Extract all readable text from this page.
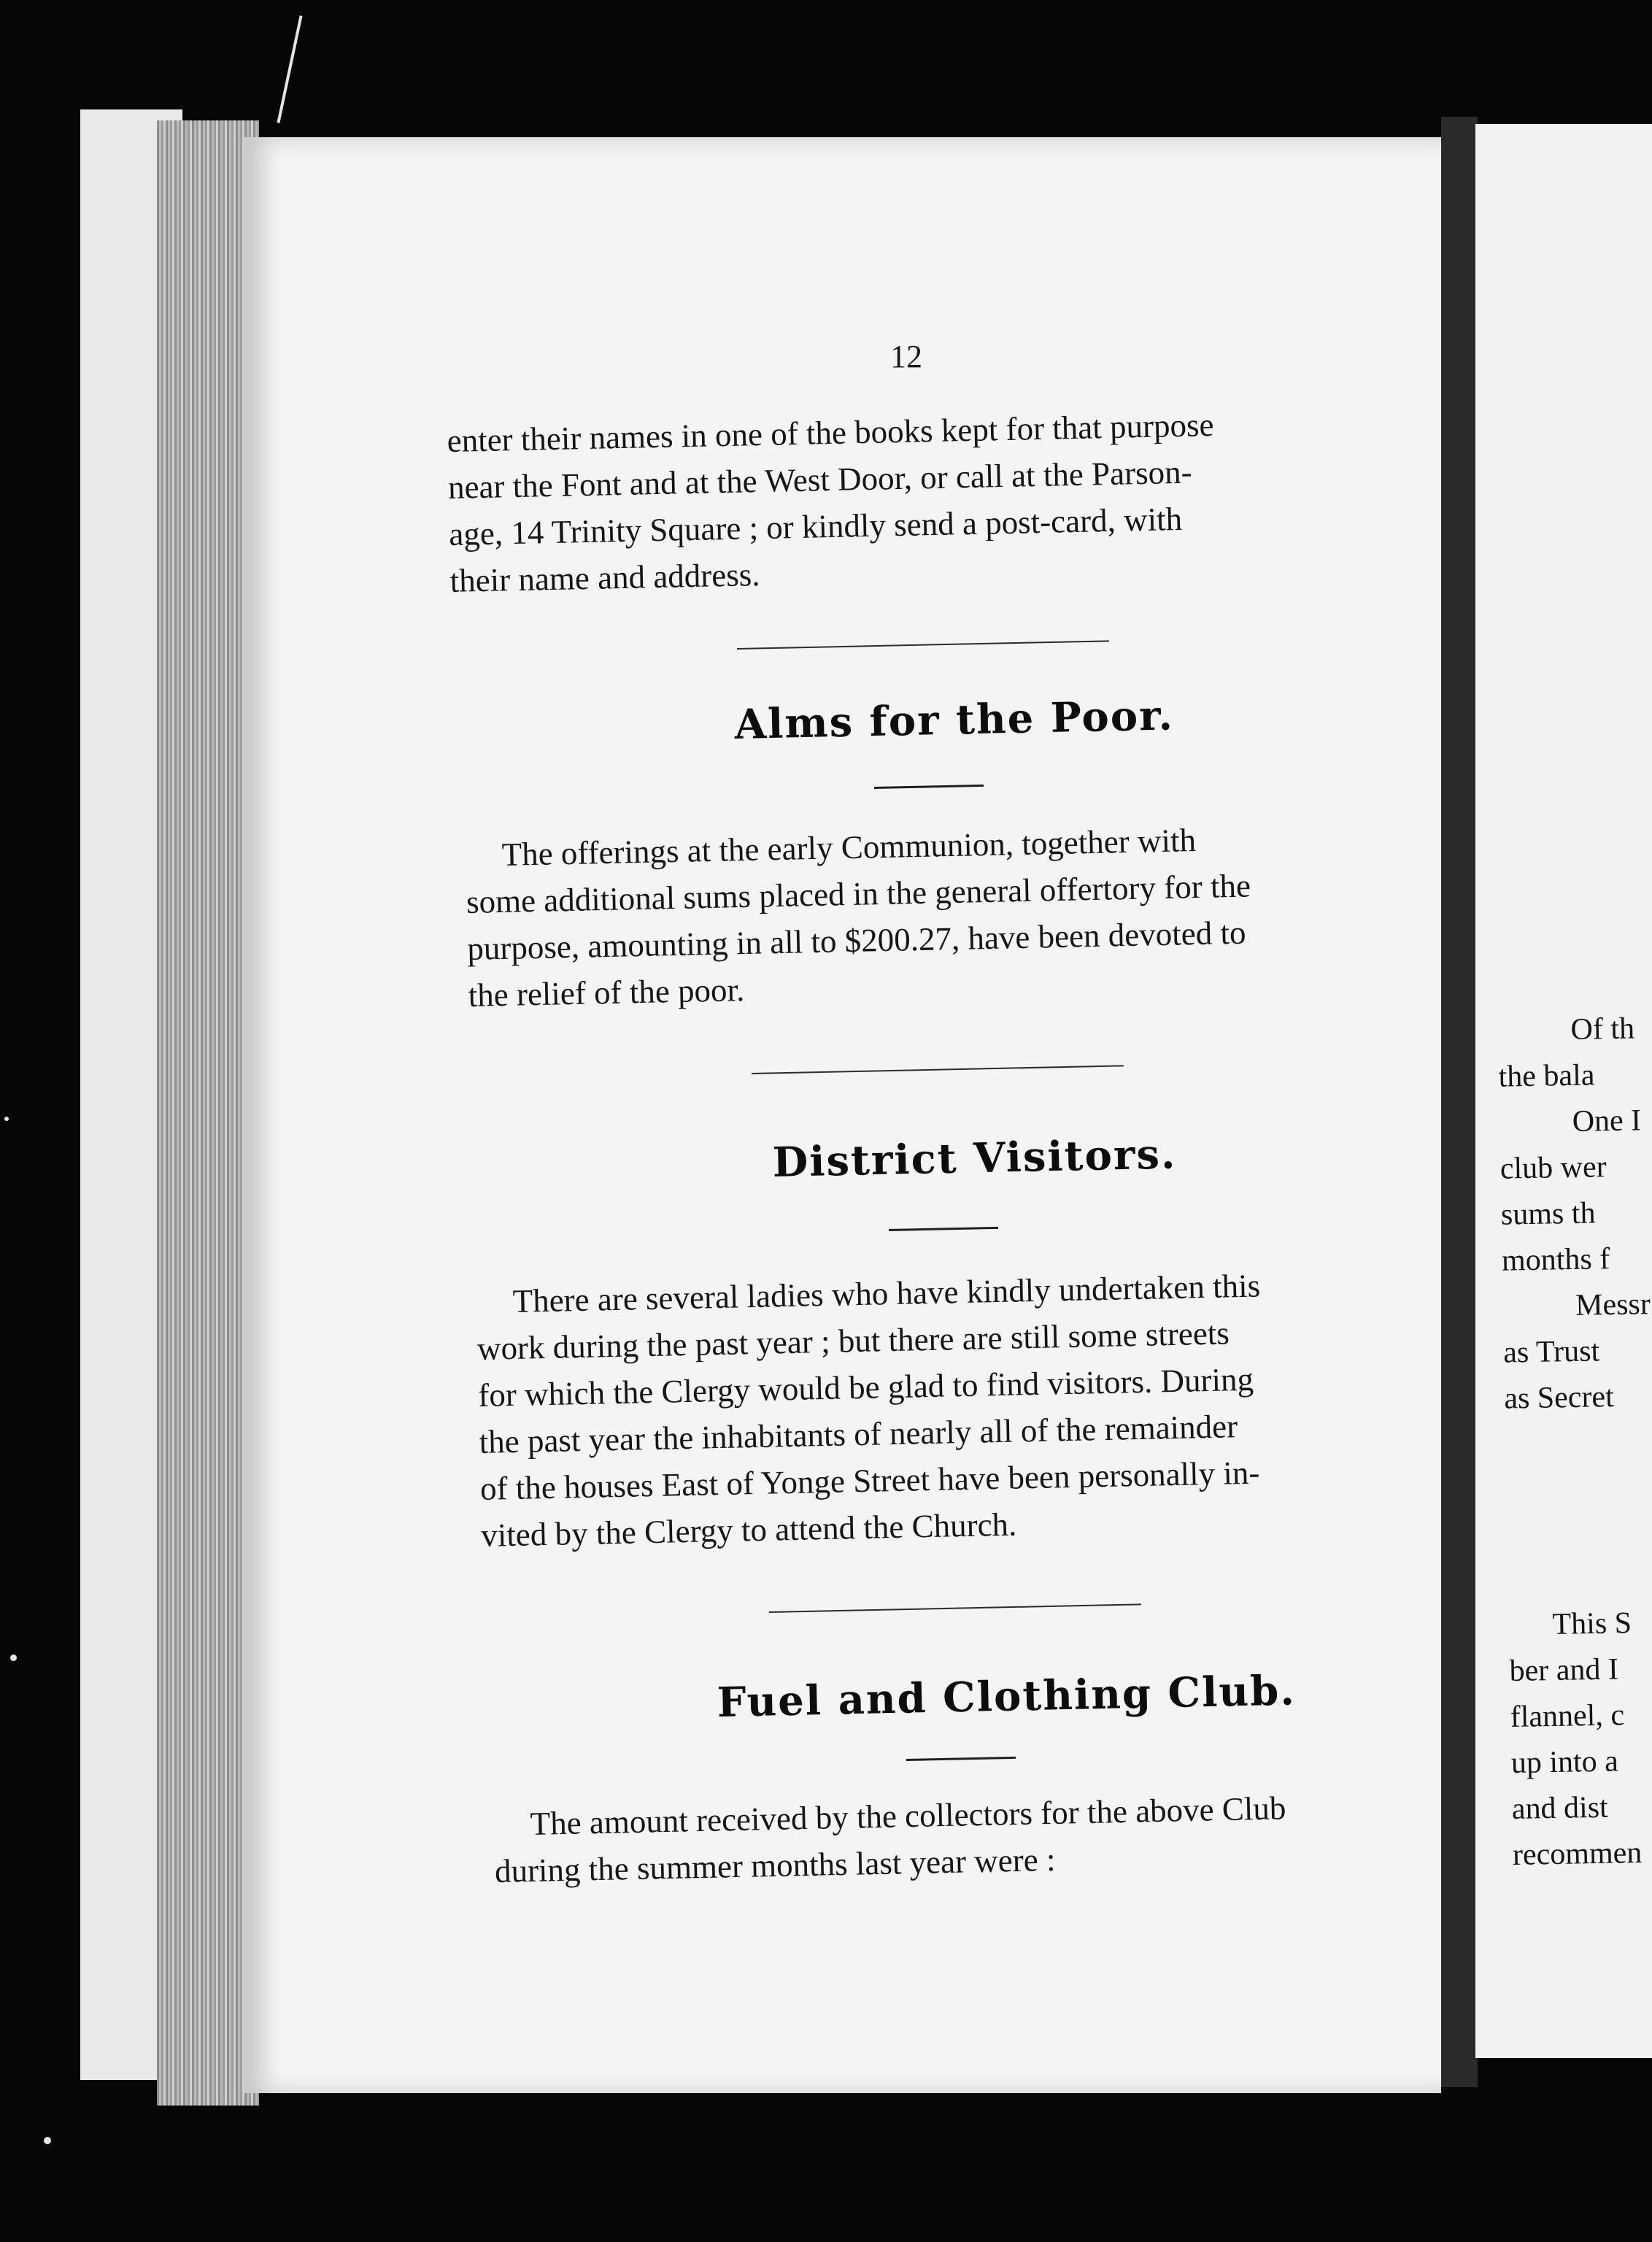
12
enter their names in one of the books kept for that purpose
near the Font and at the West Door, or call at the Parson-
age, 14 Trinity Square ; or kindly send a post-card, with
their name and address.
Alms for the Poor.
The offerings at the early Communion, together with
some additional sums placed in the general offertory for the
purpose, amounting in all to $200.27, have been devoted to
the relief of the poor.
District Visitors.
There are several ladies who have kindly undertaken this
work during the past year ; but there are still some streets
for which the Clergy would be glad to find visitors. During
the past year the inhabitants of nearly all of the remainder
of the houses East of Yonge Street have been personally in-
vited by the Clergy to attend the Church.
Fuel and Clothing Club.
The amount received by the collectors for the above Club
during the summer months last year were :
Of th
the bala
One I
club wer
sums th
months f
Messr
as Trust
as Secret
This S
ber and I
flannel, c
up into a
and dist
recommen
